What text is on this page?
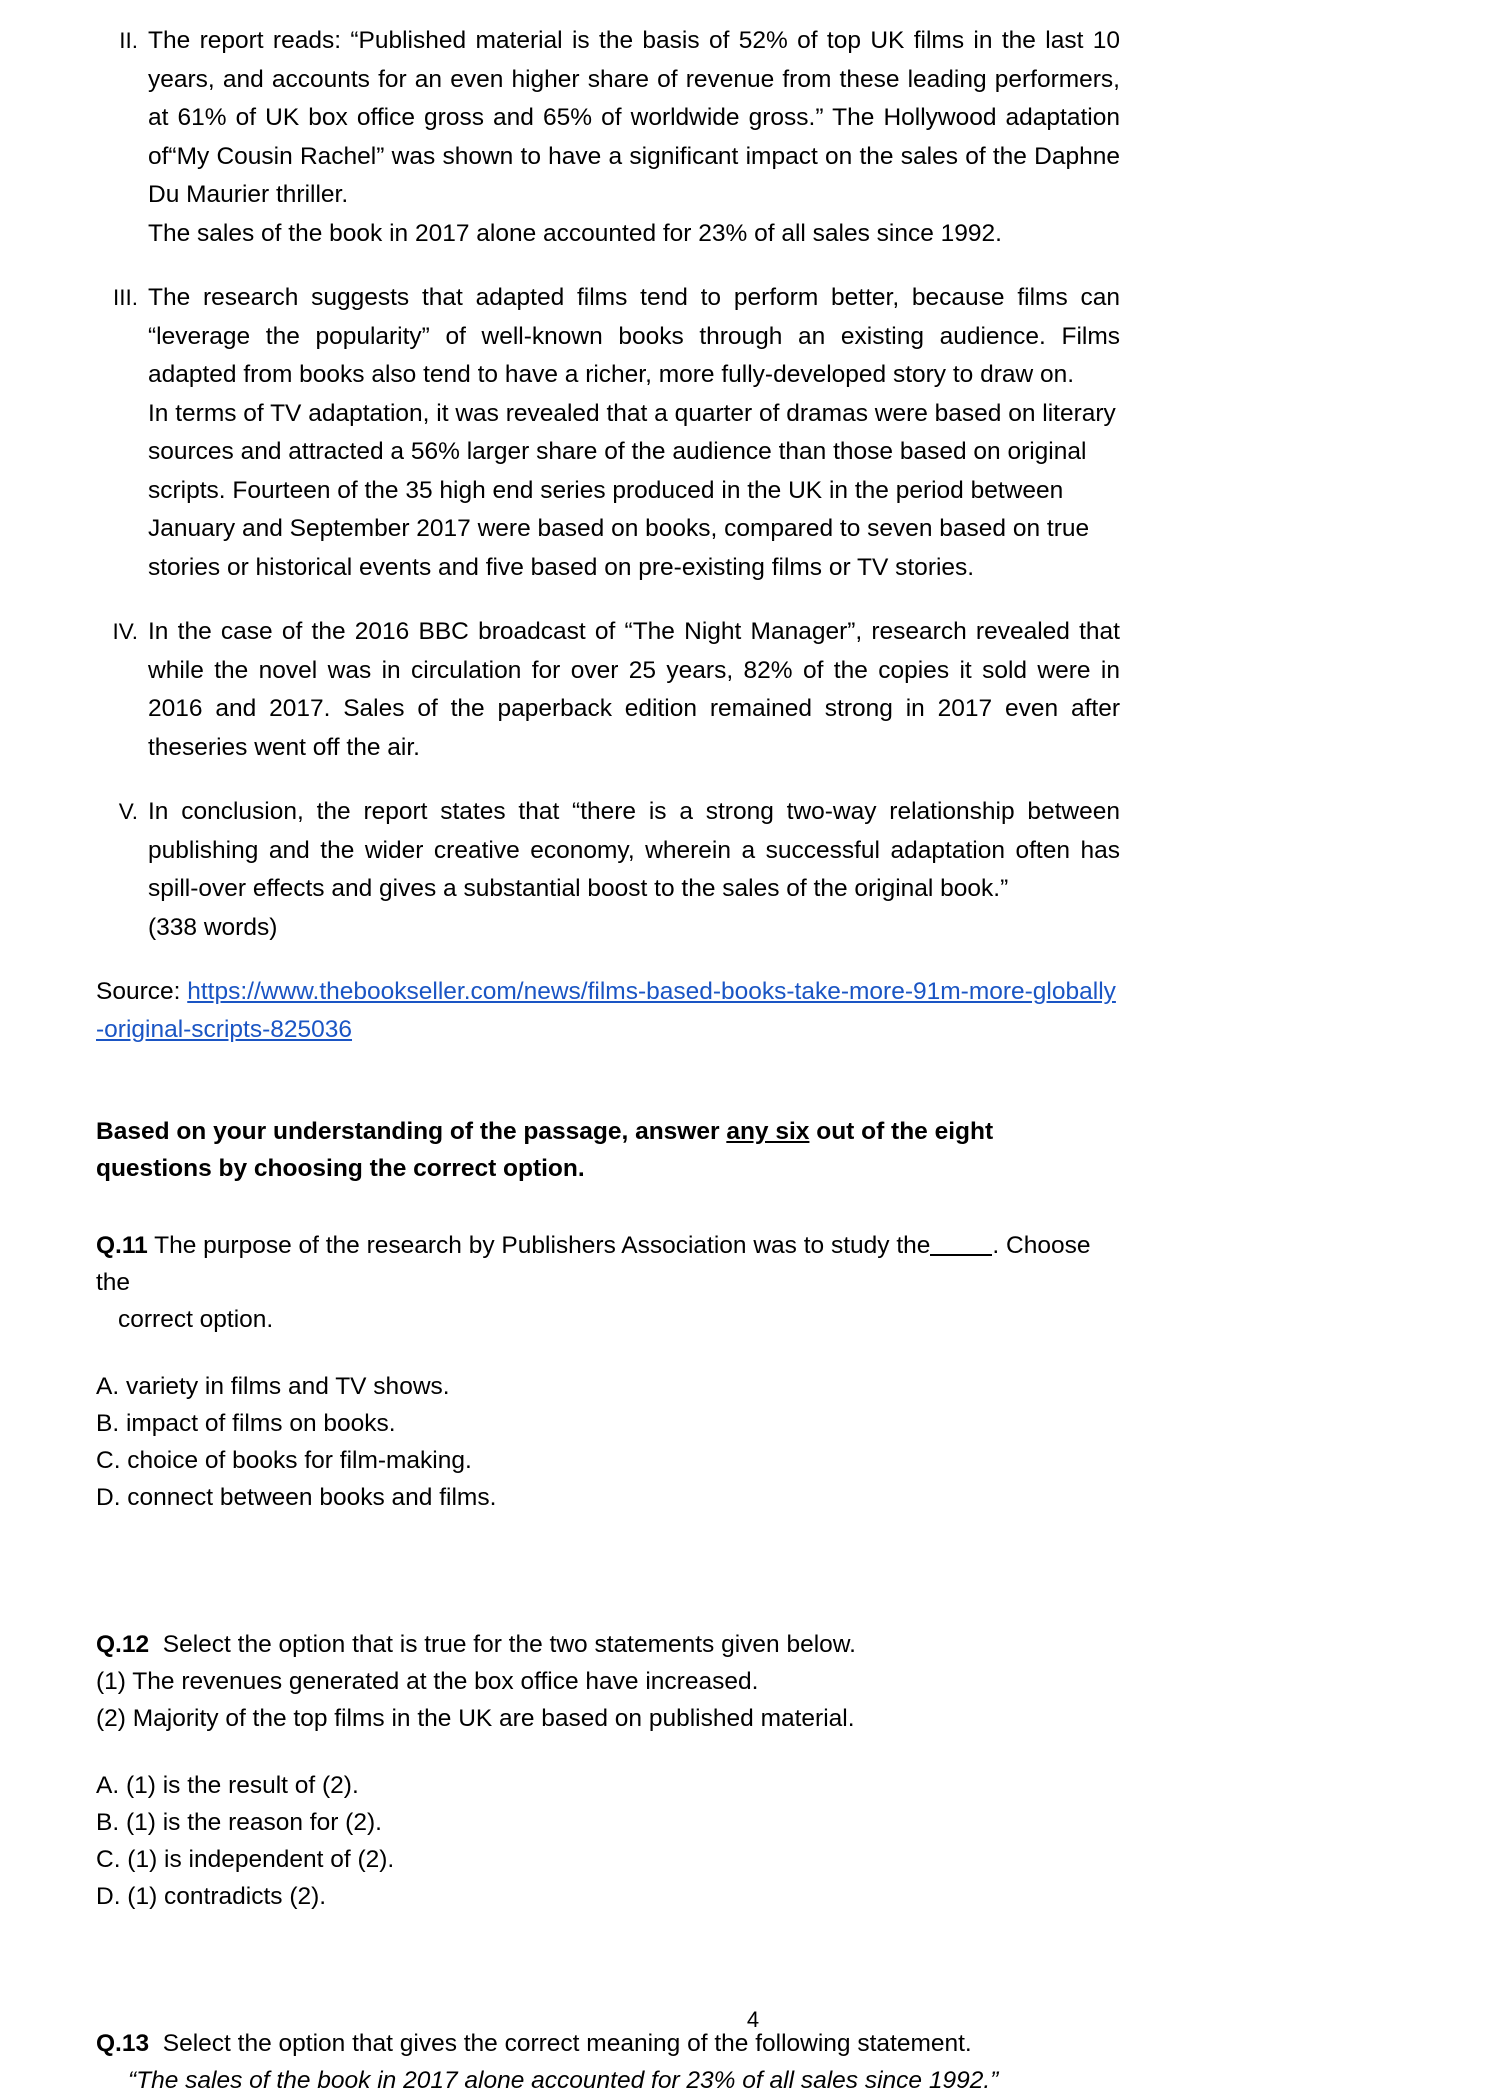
II. The report reads: “Published material is the basis of 52% of top UK films in the last 10 years, and accounts for an even higher share of revenue from these leading performers, at 61% of UK box office gross and 65% of worldwide gross.” The Hollywood adaptation of“My Cousin Rachel” was shown to have a significant impact on the sales of the Daphne Du Maurier thriller.

The sales of the book in 2017 alone accounted for 23% of all sales since 1992.

III. The research suggests that adapted films tend to perform better, because films can “leverage the popularity” of well-known books through an existing audience. Films adapted from books also tend to have a richer, more fully-developed story to draw on.

In terms of TV adaptation, it was revealed that a quarter of dramas were based on literary sources and attracted a 56% larger share of the audience than those based on original scripts. Fourteen of the 35 high end series produced in the UK in the period between January and September 2017 were based on books, compared to seven based on true stories or historical events and five based on pre-existing films or TV stories.

IV. In the case of the 2016 BBC broadcast of “The Night Manager”, research revealed that while the novel was in circulation for over 25 years, 82% of the copies it sold were in 2016 and 2017. Sales of the paperback edition remained strong in 2017 even after theseries went off the air.

V. In conclusion, the report states that “there is a strong two-way relationship between publishing and the wider creative economy, wherein a successful adaptation often has spill-over effects and gives a substantial boost to the sales of the original book.”

(338 words)

Source: https://www.thebookseller.com/news/films-based-books-take-more-91m-more-globally-original-scripts-825036
Based on your understanding of the passage, answer any six out of the eight questions by choosing the correct option.
Q.11 The purpose of the research by Publishers Association was to study the	. Choose the
correct option.
A. variety in films and TV shows.
B. impact of films on books.
C. choice of books for film-making.
D. connect between books and films.
Q.12 Select the option that is true for the two statements given below.
(1) The revenues generated at the box office have increased.
(2) Majority of the top films in the UK are based on published material.
A. (1) is the result of (2).
B. (1) is the reason for (2).
C. (1) is independent of (2).
D. (1) contradicts (2).
Q.13 Select the option that gives the correct meaning of the following statement.
“The sales of the book in 2017 alone accounted for 23% of all sales since 1992.”
4
